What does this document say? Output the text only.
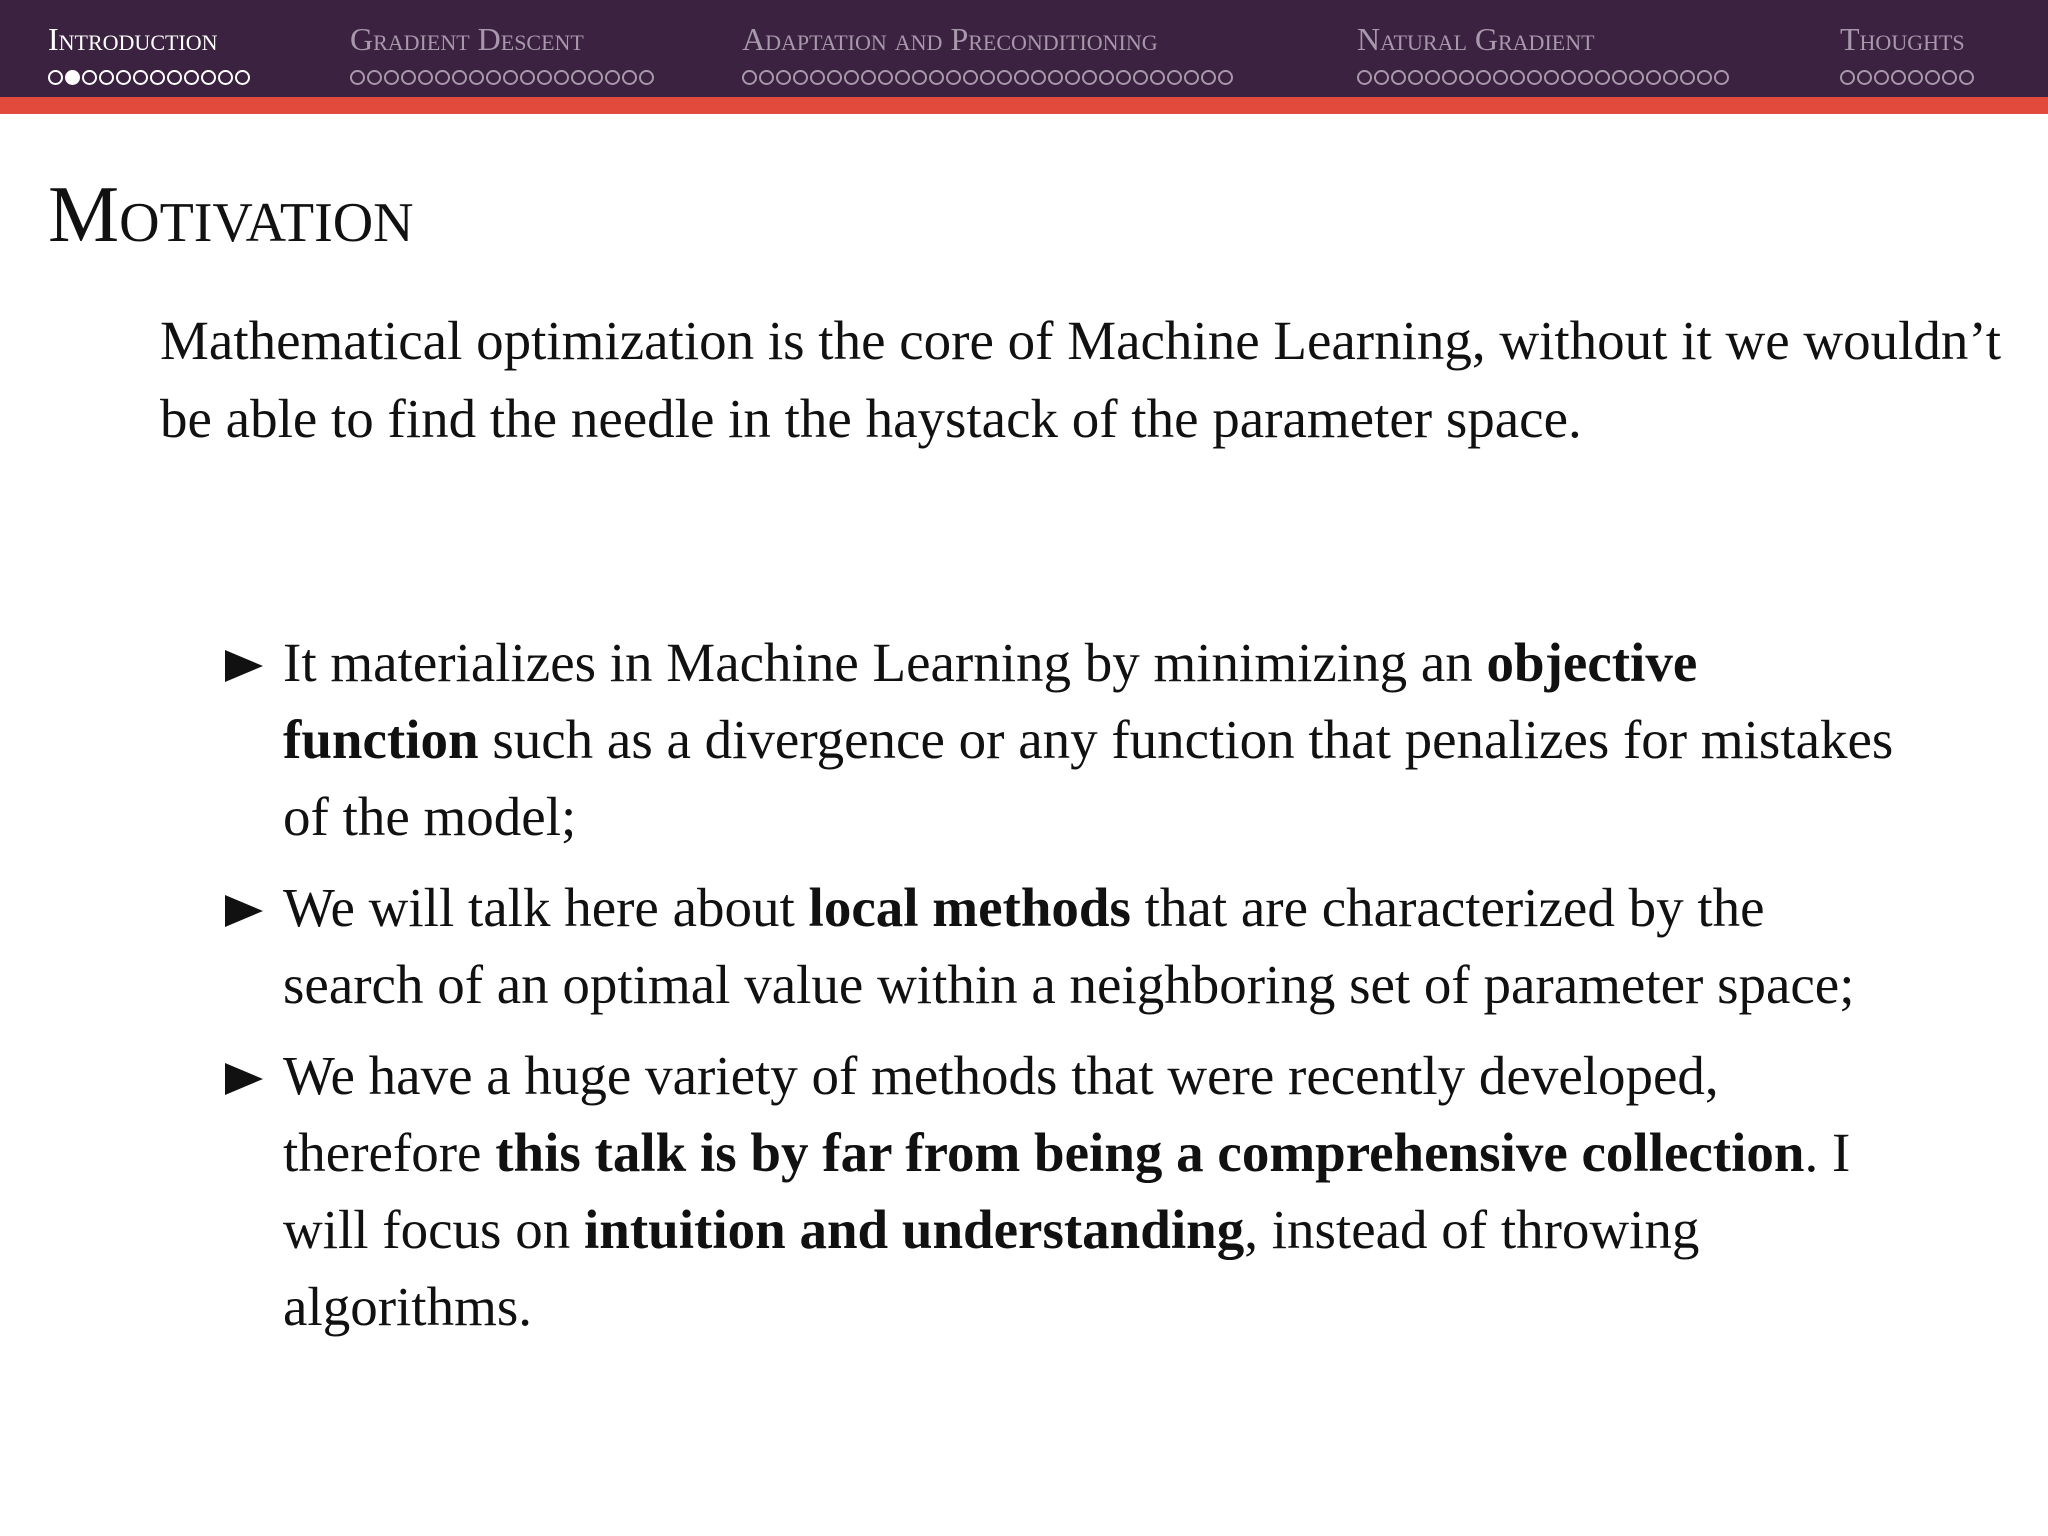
Introduction	Gradient Descent	Adaptation and Preconditioning	Natural Gradient	Thoughts
Motivation
Mathematical optimization is the core of Machine Learning, without it we wouldn’t be able to find the needle in the haystack of the parameter space.
It materializes in Machine Learning by minimizing an objective function such as a divergence or any function that penalizes for mistakes of the model;
We will talk here about local methods that are characterized by the search of an optimal value within a neighboring set of parameter space;
We have a huge variety of methods that were recently developed, therefore this talk is by far from being a comprehensive collection. I will focus on intuition and understanding, instead of throwing algorithms.
